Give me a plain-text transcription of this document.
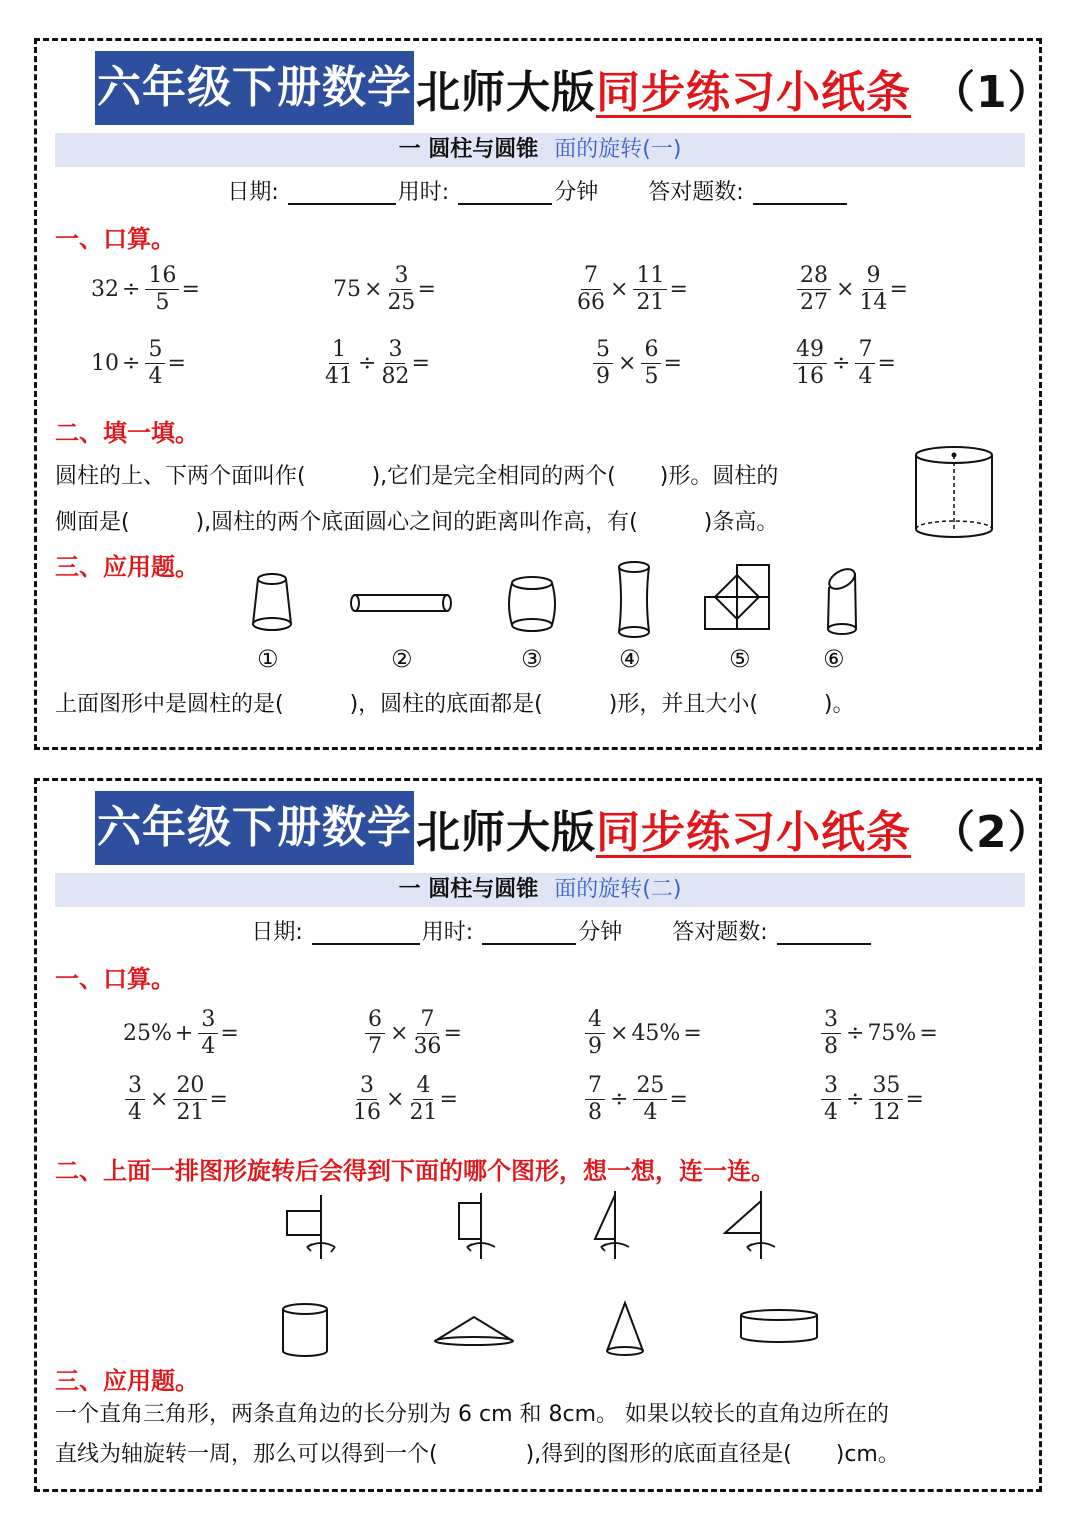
六年级下册数学 北师大版 同步练习小纸条 （1）
一 圆柱与圆锥 面的旋转(一)
日期:	用时:	分钟 答对题数:
一、口算。
$32 \div \frac{16}{5}$ =	$75 \times \frac{3}{25}$ =	$\frac{7}{66} \times \frac{11}{21}$ =	$\frac{28}{27} \times \frac{9}{14}$ =
$10 \div \frac{5}{4}$ =	$\frac{1}{41} \div \frac{3}{82}$ =	$\frac{5}{9} \times \frac{6}{5}$ =	$\frac{49}{16} \div \frac{7}{4}$ =
二、填一填。
圆柱的上、下两个面叫作(　　　),它们是完全相同的两个(　　)形。圆柱的
侧面是(　　　),圆柱的两个底面圆心之间的距离叫作高，有(　　　)条高。
三、应用题。
①	②	③	④	⑤	⑥
上面图形中是圆柱的是(　　　)，圆柱的底面都是(　　　)形，并且大小(　　　)。
六年级下册数学 北师大版 同步练习小纸条 （2）
一 圆柱与圆锥 面的旋转(二)
日期:	用时:	分钟 答对题数:
一、口算。
$25\% + \frac{3}{4}$ =	$\frac{6}{7} \times \frac{7}{36}$ =	$\frac{4}{9} \times 45\%$ =	$\frac{3}{8} \div 75\%$ =
$\frac{3}{4} \times \frac{20}{21}$ =	$\frac{3}{16} \times \frac{4}{21}$ =	$\frac{7}{8} \div \frac{25}{4}$ =	$\frac{3}{4} \div \frac{35}{12}$ =
二、上面一排图形旋转后会得到下面的哪个图形，想一想，连一连。
三、应用题。
一个直角三角形，两条直角边的长分别为 6 cm 和 8cm。 如果以较长的直角边所在的
直线为轴旋转一周，那么可以得到一个(　　　　),得到的图形的底面直径是(　　)cm。
